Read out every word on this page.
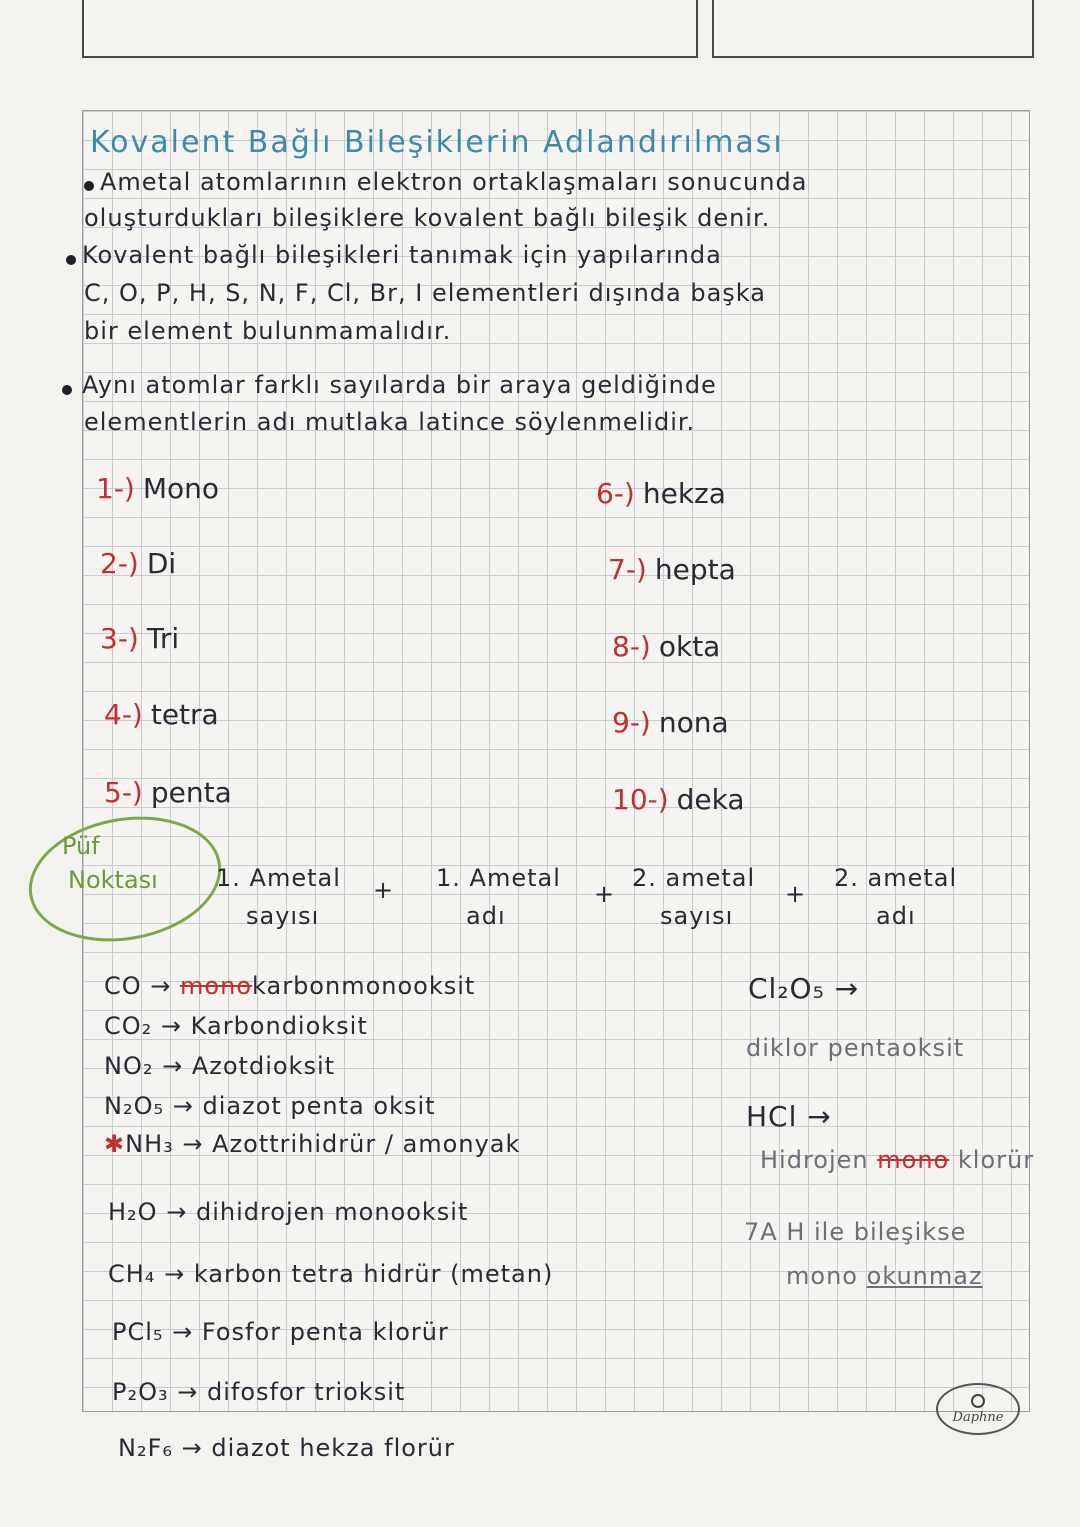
Kovalent Bağlı Bileşiklerin Adlandırılması
Ametal atomlarının elektron ortaklaşmaları sonucunda
oluşturdukları bileşiklere kovalent bağlı bileşik denir.
Kovalent bağlı bileşikleri tanımak için yapılarında
C, O, P, H, S, N, F, Cl, Br, I elementleri dışında başka
bir element bulunmamalıdır.
Aynı atomlar farklı sayılarda bir araya geldiğinde
elementlerin adı mutlaka latince söylenmelidir.
1-) Mono
2-) Di
3-) Tri
4-) tetra
5-) penta
6-) hekza
7-) hepta
8-) okta
9-) nona
10-) deka
Püf
Noktası 1. Ametal
sayısı
+ 1. Ametal
adı
+
2. ametal
sayısı
+
2. ametal
adı
CO → monokarbonmonooksit
CO₂ → Karbondioksit
NO₂ → Azotdioksit
N₂O₅ → diazot penta oksit
✱NH₃ → Azottrihidrür / amonyak
H₂O → dihidrojen monooksit
CH₄ → karbon tetra hidrür (metan)
PCl₅ → Fosfor penta klorür
P₂O₃ → difosfor trioksit
N₂F₆ → diazot hekza florür
Cl₂O₅ →
diklor pentaoksit
HCl →
Hidrojen mono klorür
7A H ile bileşikse
mono okunmaz
Daphne
